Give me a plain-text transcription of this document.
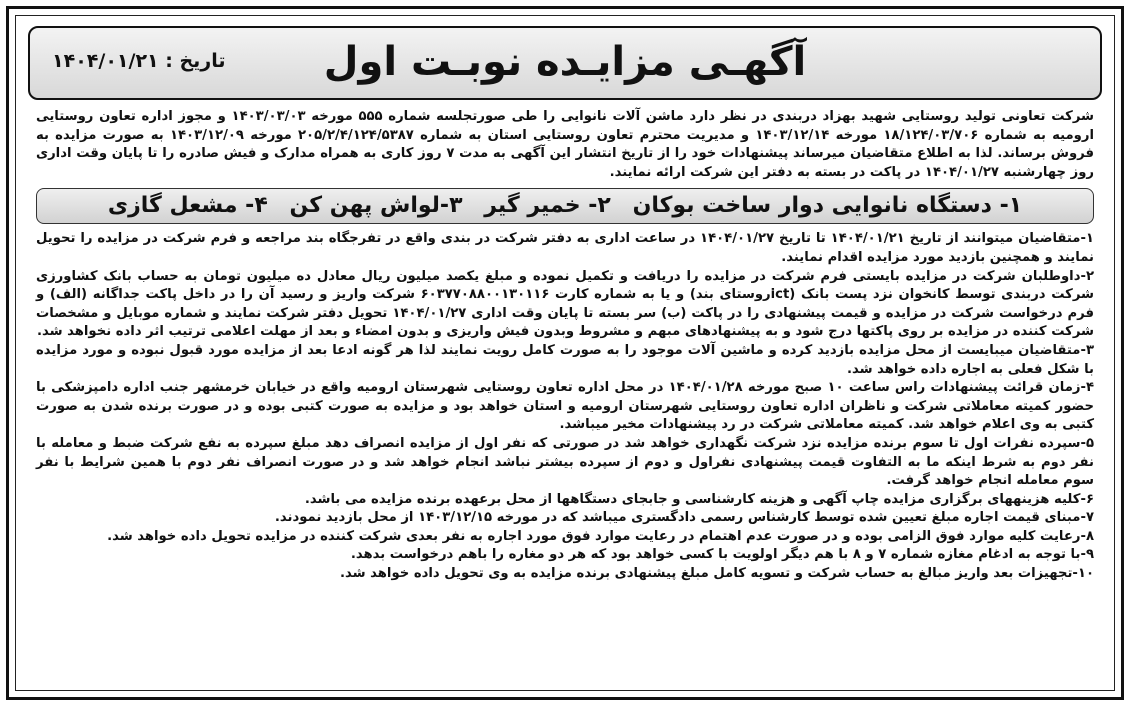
آگهـی مزایـده نوبـت اول
تاریخ : ۱۴۰۴/۰۱/۲۱

شرکت تعاونی تولید روستایی شهید بهزاد دربندی در نظر دارد ماشن آلات نانوایی را طی صورتجلسه شماره ۵۵۵ مورخه ۱۴۰۳/۰۳/۰۳ و مجوز اداره تعاون روستایی ارومیه به شماره ۱۸/۱۲۴/۰۳/۷۰۶ مورخه ۱۴۰۳/۱۲/۱۴ و مدیریت محترم تعاون روستایی استان به شماره ۲۰۵/۲/۴/۱۲۴/۵۳۸۷ مورخه ۱۴۰۳/۱۲/۰۹ به صورت مزایده به فروش برساند. لذا به اطلاع متقاضیان میرساند پیشنهادات خود را از تاریخ انتشار این آگهی به مدت ۷ روز کاری به همراه مدارک و فیش صادره را تا پایان وقت اداری روز چهارشنبه ۱۴۰۴/۰۱/۲۷ در پاکت در بسته به دفتر این شرکت ارائه نمایند.

۱- دستگاه نانوایی دوار ساخت بوکان
۲- خمیر گیر
۳-لواش پهن کن
۴- مشعل گازی

۱-متقاضیان میتوانند از تاریخ ۱۴۰۴/۰۱/۲۱ تا تاریخ ۱۴۰۴/۰۱/۲۷ در ساعت اداری به دفتر شرکت در بندی واقع در تفرجگاه بند مراجعه و فرم شرکت در مزایده را تحویل نمایند و همچنین بازدید مورد مزایده اقدام نمایند.

۲-داوطلبان شرکت در مزایده بایستی فرم شرکت در مزایده را دریافت و تکمیل نموده و مبلغ یکصد میلیون ریال معادل ده میلیون تومان به حساب بانک کشاورزی شرکت دربندی توسط کانخوان نزد پست بانک (ictروستای بند) و یا به شماره کارت ۶۰۳۷۷۰۸۸۰۰۱۳۰۱۱۶ شرکت واریز و رسید آن را در داخل پاکت جداگانه (الف) و فرم درخواست شرکت در مزایده و قیمت پیشنهادی را در پاکت (ب) سر بسته تا پایان وقت اداری ۱۴۰۴/۰۱/۲۷ تحویل دفتر شرکت نمایند و شماره موبایل و مشخصات شرکت کننده در مزایده بر روی پاکتها درج شود و به پیشنهادهای مبهم و مشروط وبدون فیش واریزی و بدون امضاء و بعد از مهلت اعلامی ترتیب اثر داده نخواهد شد.

۳-متقاضیان میبایست از محل مزایده بازدید کرده و ماشین آلات موجود را به صورت کامل رویت نمایند لذا هر گونه ادعا بعد از مزایده مورد قبول نبوده و مورد مزایده با شکل فعلی به اجاره داده خواهد شد.

۴-زمان قرائت پیشنهادات راس ساعت ۱۰ صبح مورخه ۱۴۰۴/۰۱/۲۸ در محل اداره تعاون روستایی شهرستان ارومیه واقع در خیابان خرمشهر جنب اداره دامپزشکی با حضور کمیته معاملاتی شرکت و ناظران اداره تعاون روستایی شهرستان ارومیه و استان خواهد بود و مزایده به صورت کتبی بوده و در صورت برنده شدن به صورت کتبی به وی اعلام خواهد شد. کمیته معاملاتی شرکت در رد پیشنهادات مخیر میباشد.

۵-سپرده نفرات اول تا سوم برنده مزایده نزد شرکت نگهداری خواهد شد در صورتی که نفر اول از مزایده انصراف دهد مبلغ سپرده به نفع شرکت ضبط و معامله با نفر دوم به شرط اینکه ما به التفاوت قیمت پیشنهادی نفراول و دوم از سپرده بیشتر نباشد انجام خواهد شد و در صورت انصراف نفر دوم با همین شرایط با نفر سوم معامله انجام خواهد گرفت.

۶-کلیه هزینههای برگزاری مزایده چاپ آگهی و هزینه کارشناسی و جابجای دستگاهها از محل برعهده برنده مزایده می باشد.

۷-مبنای قیمت اجاره مبلغ تعیین شده توسط کارشناس رسمی دادگستری میباشد که در مورخه ۱۴۰۳/۱۲/۱۵ از محل بازدید نمودند.

۸-رعایت کلیه موارد فوق الزامی بوده و در صورت عدم اهتمام در رعایت موارد فوق مورد اجاره به نفر بعدی شرکت کننده در مزایده تحویل داده خواهد شد.

۹-با توجه به ادغام مغازه شماره ۷ و ۸ با هم دیگر اولویت با کسی خواهد بود که هر دو مغاره را باهم درخواست بدهد.

۱۰-تجهیزات بعد واریز مبالغ به حساب شرکت و تسویه کامل مبلغ پیشنهادی برنده مزایده به وی تحویل داده خواهد شد.
